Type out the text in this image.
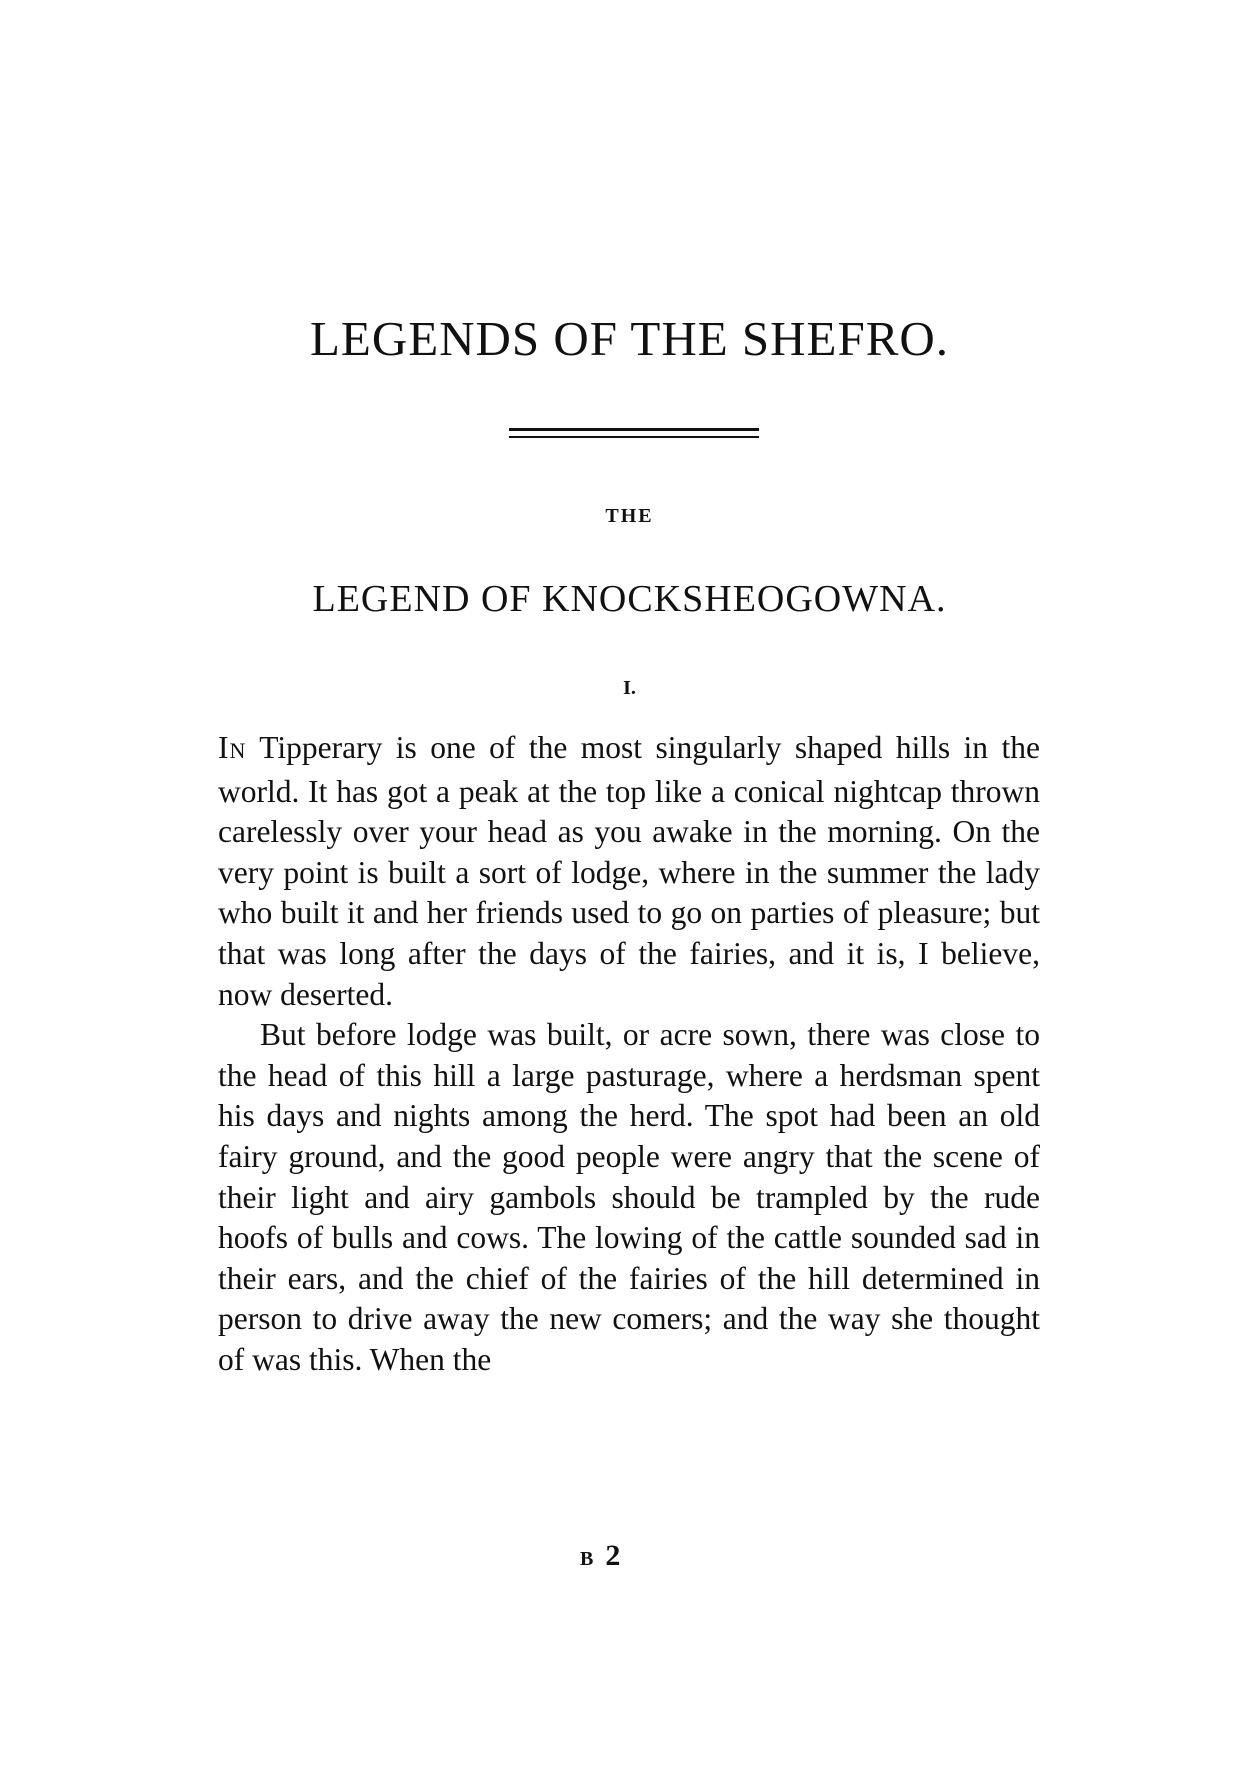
LEGENDS OF THE SHEFRO.
THE
LEGEND OF KNOCKSHEOGOWNA.
I.

IN Tipperary is one of the most singularly shaped hills in the world. It has got a peak at the top like a conical nightcap thrown carelessly over your head as you awake in the morning. On the very point is built a sort of lodge, where in the summer the lady who built it and her friends used to go on parties of pleasure; but that was long after the days of the fairies, and it is, I believe, now deserted.

But before lodge was built, or acre sown, there was close to the head of this hill a large pasturage, where a herdsman spent his days and nights among the herd. The spot had been an old fairy ground, and the good people were angry that the scene of their light and airy gambols should be trampled by the rude hoofs of bulls and cows. The lowing of the cattle sounded sad in their ears, and the chief of the fairies of the hill determined in person to drive away the new comers; and the way she thought of was this. When the

B 2
